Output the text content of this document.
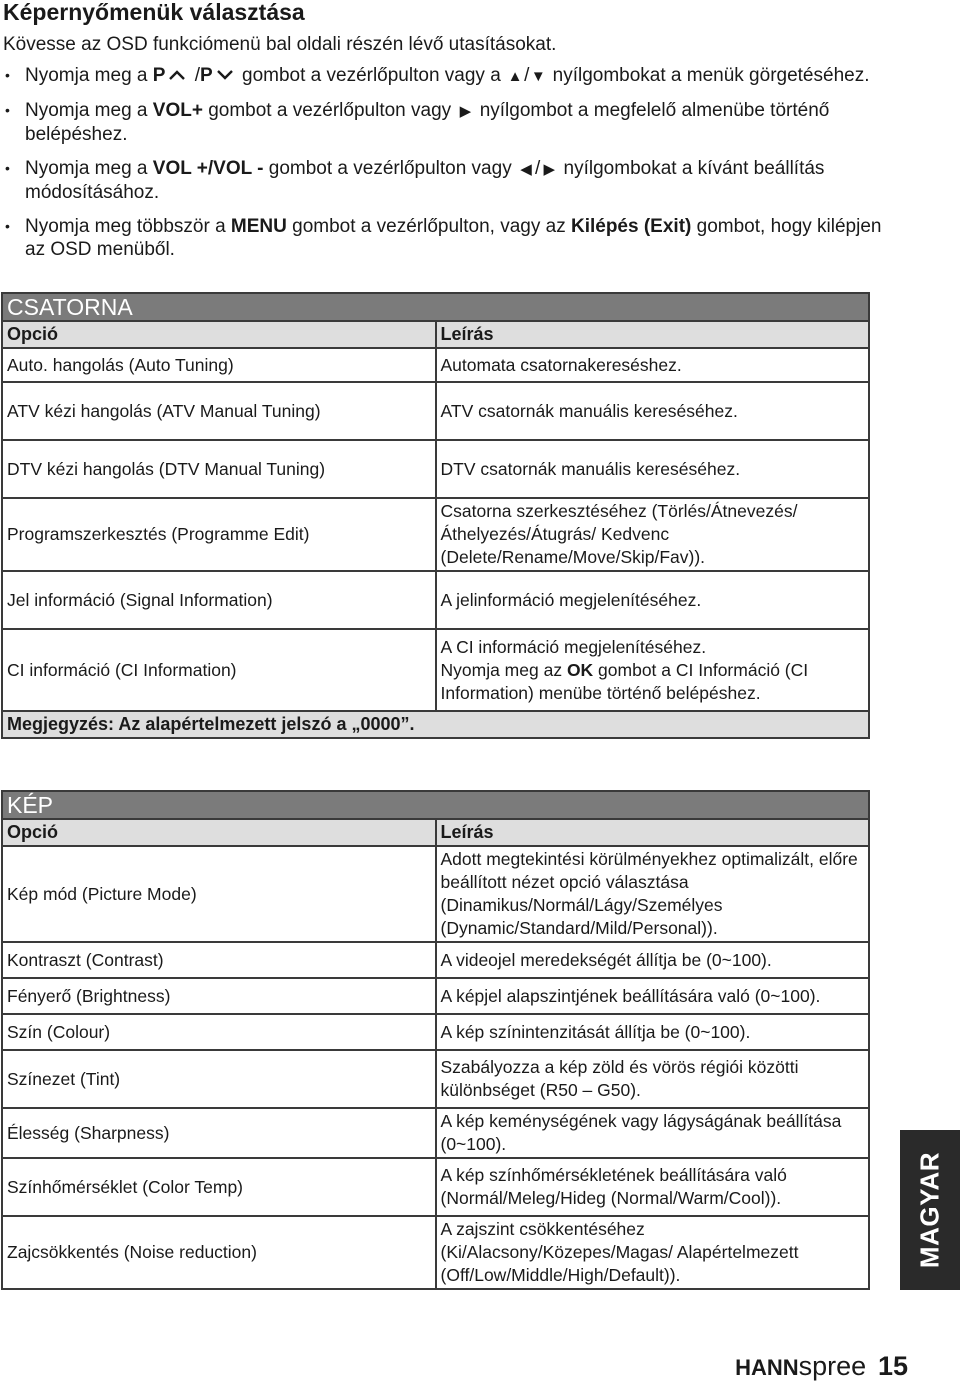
Képernyőmenük választása
Kövesse az OSD funkciómenü bal oldali részén lévő utasításokat.
• Nyomja meg a P /P gombot a vezérlőpulton vagy a ▲/ ▼ nyílgombokat a menük görgetéséhez.
• Nyomja meg a VOL+ gombot a vezérlőpulton vagy ▶ nyílgombot a megfelelő almenübe történő belépéshez.
• Nyomja meg a VOL +/VOL - gombot a vezérlőpulton vagy ◀ / ▶ nyílgombokat a kívánt beállítás módosításához.
• Nyomja meg többször a MENU gombot a vezérlőpulton, vagy az Kilépés (Exit) gombot, hogy kilépjen az OSD menüből.
CSATORNA	
Opció	Leírás
Auto. hangolás (Auto Tuning)	Automata csatornakereséshez.
ATV kézi hangolás (ATV Manual Tuning)	ATV csatornák manuális kereséséhez.
DTV kézi hangolás (DTV Manual Tuning)	DTV csatornák manuális kereséséhez.
Programszerkesztés (Programme Edit)	Csatorna szerkesztéséhez (Törlés/Átnevezés/Áthelyezés/Átugrás/ Kedvenc (Delete/Rename/Move/Skip/Fav)).
Jel információ (Signal Information)	A jelinformáció megjelenítéséhez.
CI információ (CI Information)	A CI információ megjelenítéséhez.
Nyomja meg az OK gombot a CI Információ (CI Information) menübe történő belépéshez.
Megjegyzés: Az alapértelmezett jelszó a „0000”.	
KÉP	
Opció	Leírás
Kép mód (Picture Mode)	Adott megtekintési körülményekhez optimalizált, előre beállított nézet opció választása (Dinamikus/Normál/Lágy/Személyes (Dynamic/Standard/Mild/Personal)).
Kontraszt (Contrast)	A videojel meredekségét állítja be (0~100).
Fényerő (Brightness)	A képjel alapszintjének beállítására való (0~100).
Szín (Colour)	A kép színintenzitását állítja be (0~100).
Színezet (Tint)	Szabályozza a kép zöld és vörös régiói közötti különbséget (R50 – G50).
Élesség (Sharpness)	A kép keménységének vagy lágyságának beállítása (0~100).
Színhőmérséklet (Color Temp)	A kép színhőmérsékletének beállítására való (Normál/Meleg/Hideg (Normal/Warm/Cool)).
Zajcsökkentés (Noise reduction)	A zajszint csökkentéséhez (Ki/Alacsony/Közepes/Magas/ Alapértelmezett (Off/Low/Middle/High/Default)).
MAGYAR
HANNspree 15
